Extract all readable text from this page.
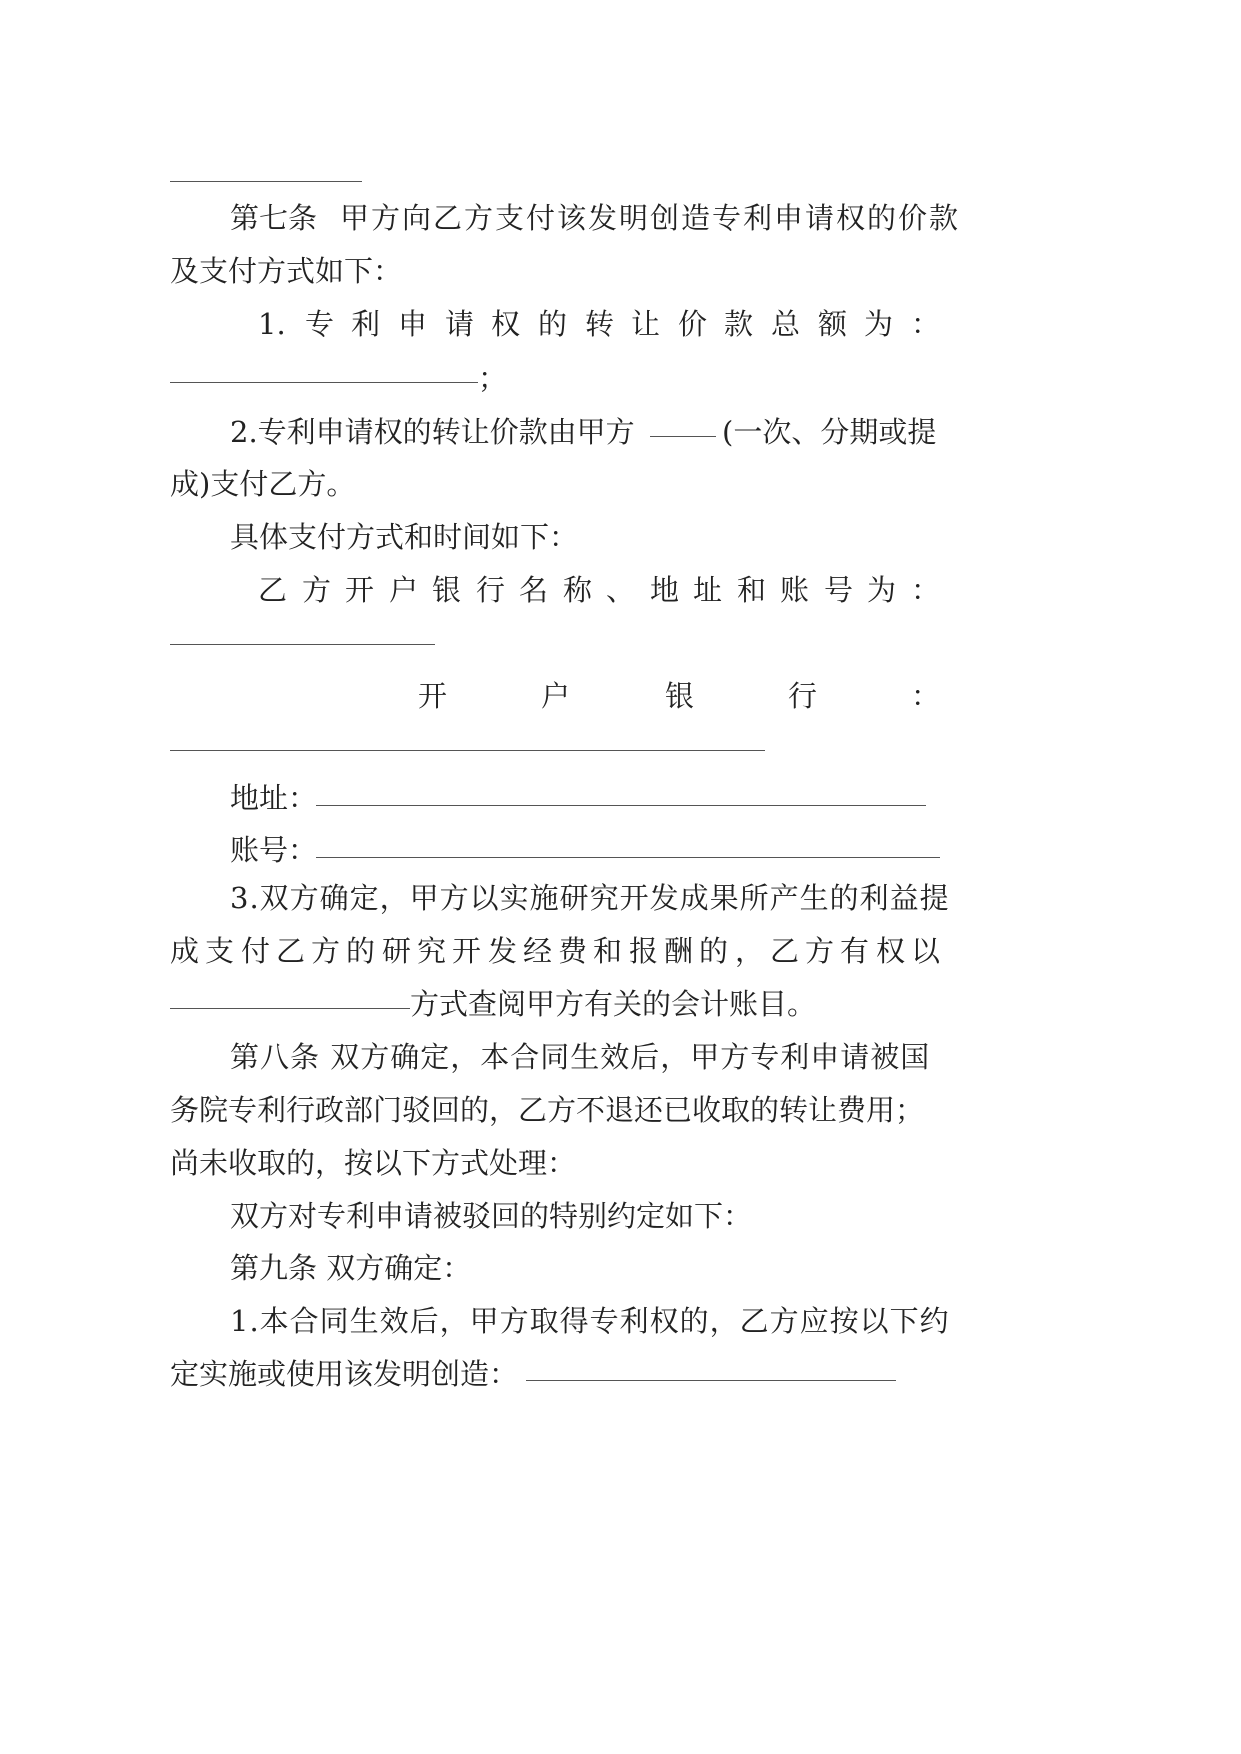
第七条 甲方向乙方支付该发明创造专利申请权的价款
及支付方式如下：
1. 专 利 申 请 权 的 转 让 价 款 总 额 为 ：
；
2.专利申请权的转让价款由甲方	(一次、分期或提
成)支付乙方。
具体支付方式和时间如下：
乙 方 开 户 银 行 名 称 、 地 址 和 账 号 为 ：
开	户	银	行	：
地址：
账号：
3.双方确定，甲方以实施研究开发成果所产生的利益提
成 支 付 乙 方 的 研 究 开 发 经 费 和 报 酬 的 ， 乙 方 有 权 以
方式查阅甲方有关的会计账目。
第八条 双方确定，本合同生效后，甲方专利申请被国
务院专利行政部门驳回的，乙方不退还已收取的转让费用；
尚未收取的，按以下方式处理：
双方对专利申请被驳回的特别约定如下：
第九条 双方确定：
1.本合同生效后，甲方取得专利权的，乙方应按以下约
定实施或使用该发明创造：
